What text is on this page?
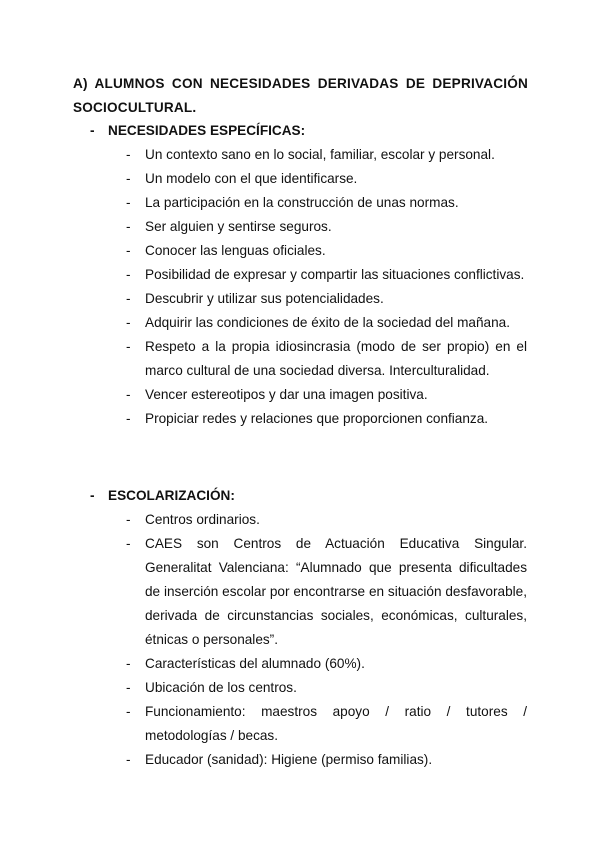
A) ALUMNOS CON NECESIDADES DERIVADAS DE DEPRIVACIÓN SOCIOCULTURAL.
- NECESIDADES ESPECÍFICAS:
- Un contexto sano en lo social, familiar, escolar y personal.
- Un modelo con el que identificarse.
- La participación en la construcción de unas normas.
- Ser alguien y sentirse seguros.
- Conocer las lenguas oficiales.
- Posibilidad de expresar y compartir las situaciones conflictivas.
- Descubrir y utilizar sus potencialidades.
- Adquirir las condiciones de éxito de la sociedad del mañana.
- Respeto a la propia idiosincrasia (modo de ser propio) en el marco cultural de una sociedad diversa. Interculturalidad.
- Vencer estereotipos y dar una imagen positiva.
- Propiciar redes y relaciones que proporcionen confianza.
- ESCOLARIZACIÓN:
- Centros ordinarios.
- CAES son Centros de Actuación Educativa Singular. Generalitat Valenciana: “Alumnado que presenta dificultades de inserción escolar por encontrarse en situación desfavorable, derivada de circunstancias sociales, económicas, culturales, étnicas o personales”.
- Características del alumnado (60%).
- Ubicación de los centros.
- Funcionamiento: maestros apoyo / ratio / tutores / metodologías / becas.
- Educador (sanidad): Higiene (permiso familias).
